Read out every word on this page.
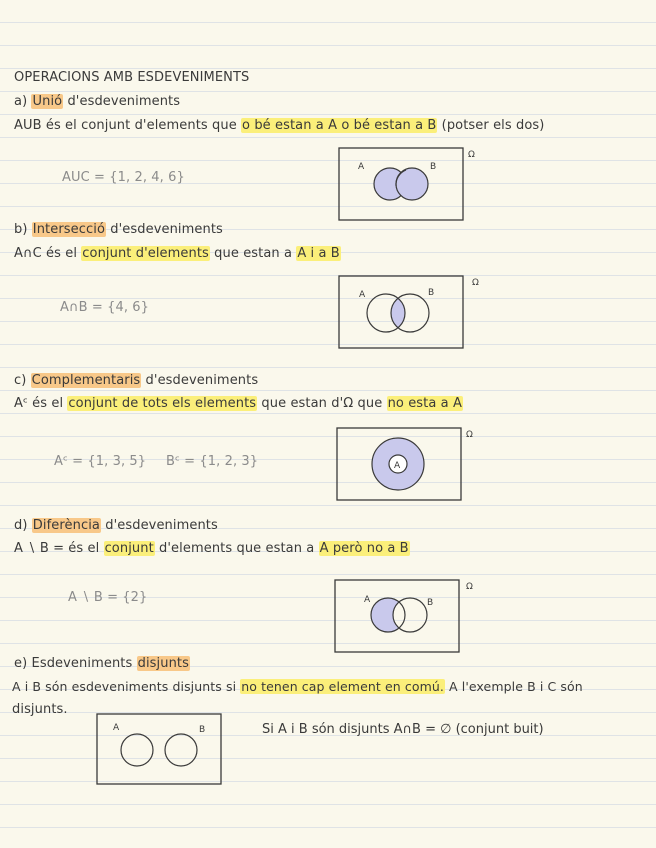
OPERACIONS AMB ESDEVENIMENTS
a) Unió d'esdeveniments
AUB és el conjunt d'elements que o bé estan a A o bé estan a B (potser els dos)
AUC = {1, 2, 4, 6}
A	B
Ω
b) Intersecció d'esdeveniments
A∩C és el conjunt d'elements que estan a A i a B
A∩B = {4, 6}
A	B
Ω
c) Complementaris d'esdeveniments
Aᶜ és el conjunt de tots els elements que estan d'Ω que no esta a A
Aᶜ = {1, 3, 5} Bᶜ = {1, 2, 3}	A
Ω
d) Diferència d'esdeveniments
A ∖ B = és el conjunt d'elements que estan a A però no a B
A ∖ B = {2}	A	B
Ω
e) Esdeveniments disjunts
A i B són esdeveniments disjunts si no tenen cap element en comú. A l'exemple B i C són
disjunts.
A	B	Si A i B són disjunts A∩B = ∅ (conjunt buit)
